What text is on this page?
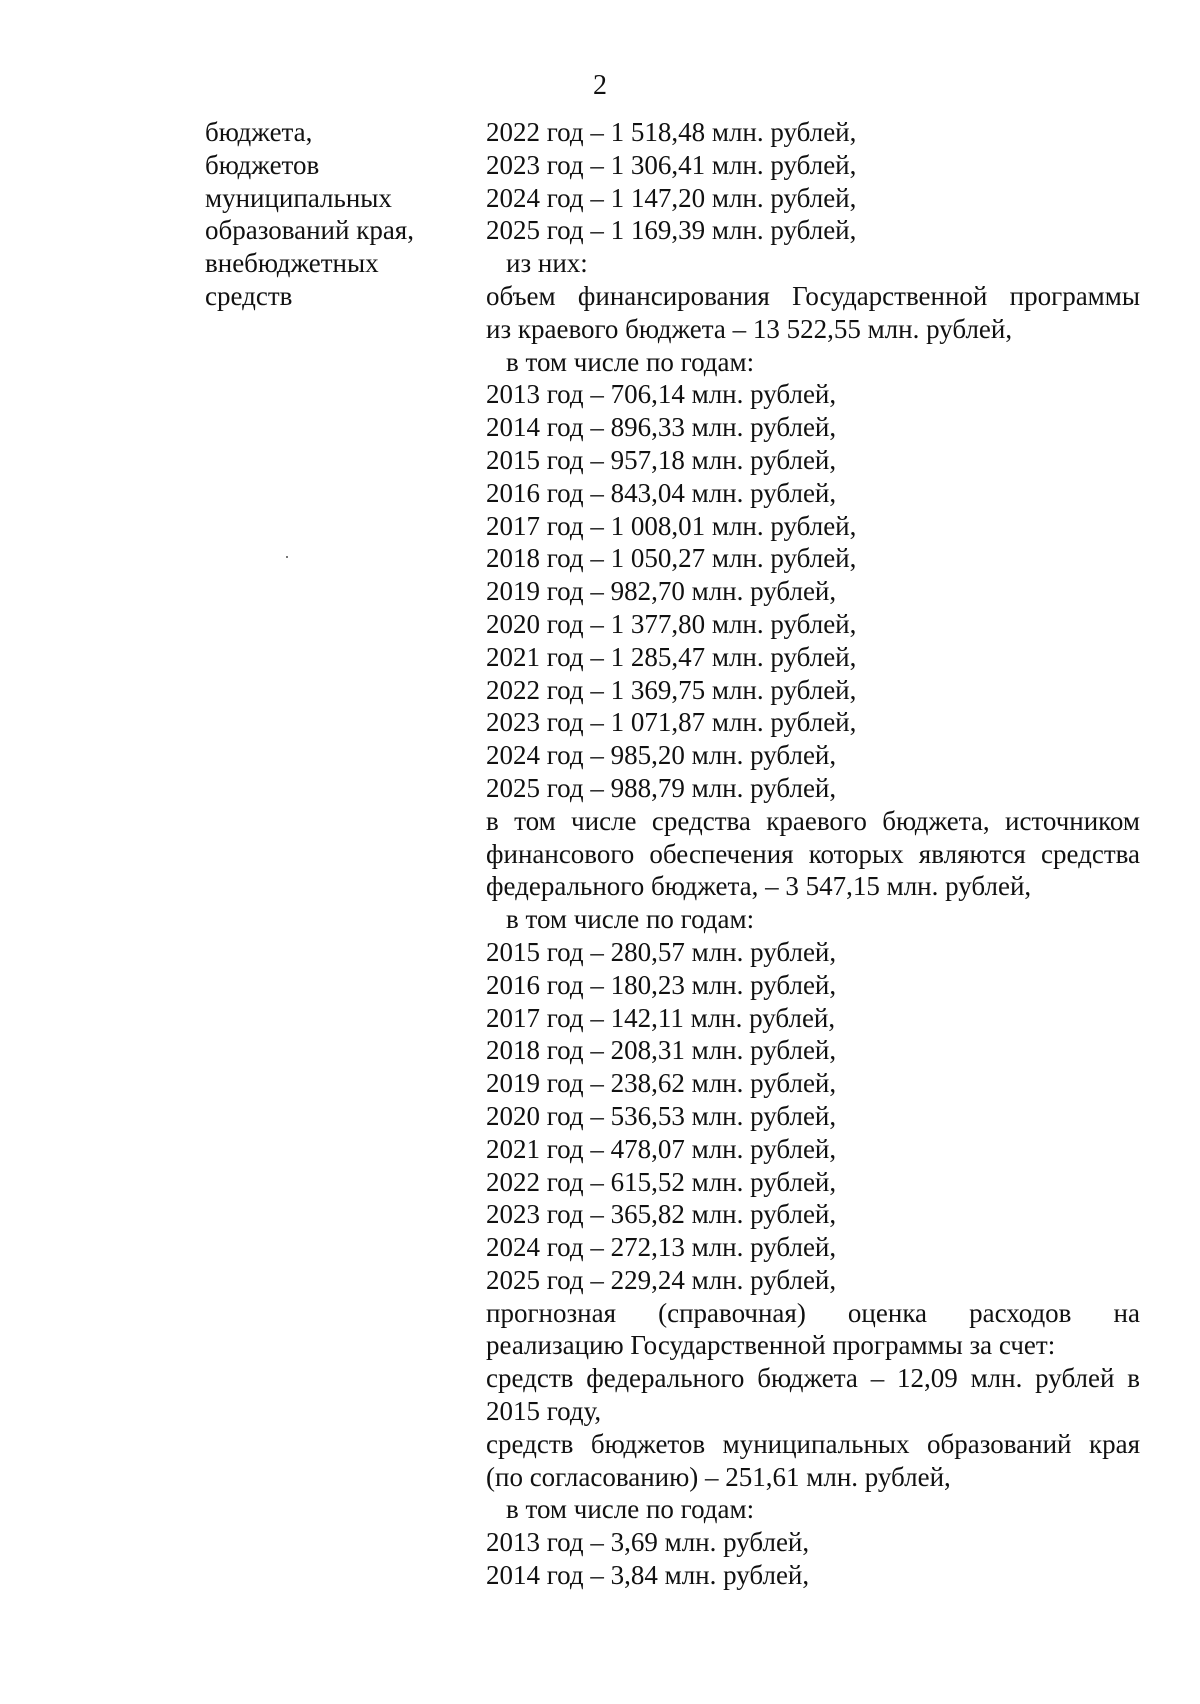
2
бюджета,
бюджетов
муниципальных
образований края,
внебюджетных
средств
2022 год – 1 518,48 млн. рублей,
2023 год – 1 306,41 млн. рублей,
2024 год – 1 147,20 млн. рублей,
2025 год – 1 169,39 млн. рублей,
из них:
объем финансирования Государственной программы
из краевого бюджета – 13 522,55 млн. рублей,
в том числе по годам:
2013 год – 706,14 млн. рублей,
2014 год – 896,33 млн. рублей,
2015 год – 957,18 млн. рублей,
2016 год – 843,04 млн. рублей,
2017 год – 1 008,01 млн. рублей,
2018 год – 1 050,27 млн. рублей,
2019 год – 982,70 млн. рублей,
2020 год – 1 377,80 млн. рублей,
2021 год – 1 285,47 млн. рублей,
2022 год – 1 369,75 млн. рублей,
2023 год – 1 071,87 млн. рублей,
2024 год – 985,20 млн. рублей,
2025 год – 988,79 млн. рублей,
в том числе средства краевого бюджета, источником
финансового обеспечения которых являются средства
федерального бюджета, – 3 547,15 млн. рублей,
в том числе по годам:
2015 год – 280,57 млн. рублей,
2016 год – 180,23 млн. рублей,
2017 год – 142,11 млн. рублей,
2018 год – 208,31 млн. рублей,
2019 год – 238,62 млн. рублей,
2020 год – 536,53 млн. рублей,
2021 год – 478,07 млн. рублей,
2022 год – 615,52 млн. рублей,
2023 год – 365,82 млн. рублей,
2024 год – 272,13 млн. рублей,
2025 год – 229,24 млн. рублей,
прогнозная (справочная) оценка расходов на
реализацию Государственной программы за счет:
средств федерального бюджета – 12,09 млн. рублей в
2015 году,
средств бюджетов муниципальных образований края
(по согласованию) – 251,61 млн. рублей,
в том числе по годам:
2013 год – 3,69 млн. рублей,
2014 год – 3,84 млн. рублей,
